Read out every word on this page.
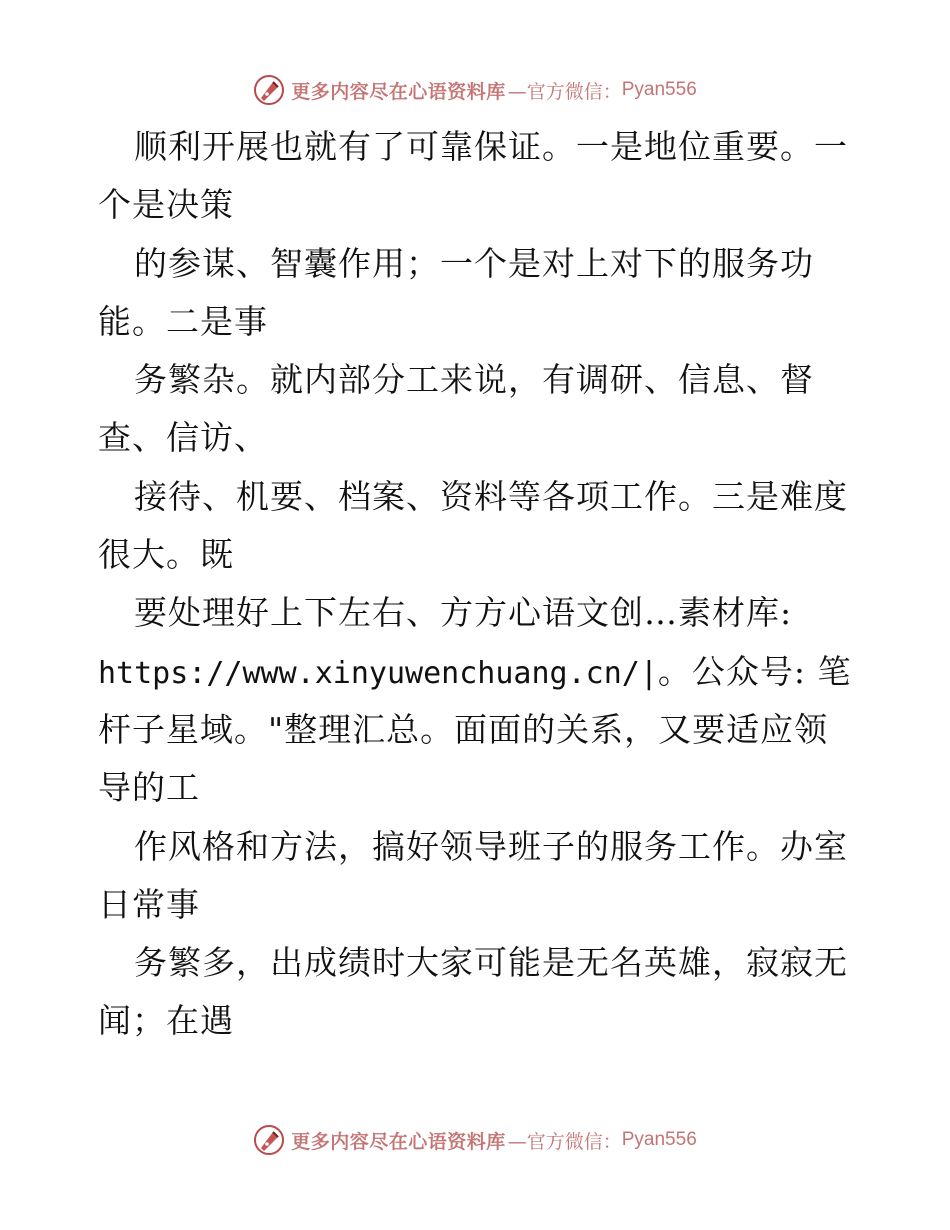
更多内容尽在心语资料库 —官方微信： Pyan556
顺利开展也就有了可靠保证。一是地位重要。一
个是决策
的参谋、智囊作用；一个是对上对下的服务功
能。二是事
务繁杂。就内部分工来说，有调研、信息、督
查、信访、
接待、机要、档案、资料等各项工作。三是难度
很大。既
要处理好上下左右、方方心语文创…素材库:
https://www.xinyuwenchuang.cn/|。公众号: 笔
杆子星域。"整理汇总。面面的关系，又要适应领
导的工
作风格和方法，搞好领导班子的服务工作。办室
日常事
务繁多，出成绩时大家可能是无名英雄，寂寂无
闻；在遇
更多内容尽在心语资料库 —官方微信： Pyan556
